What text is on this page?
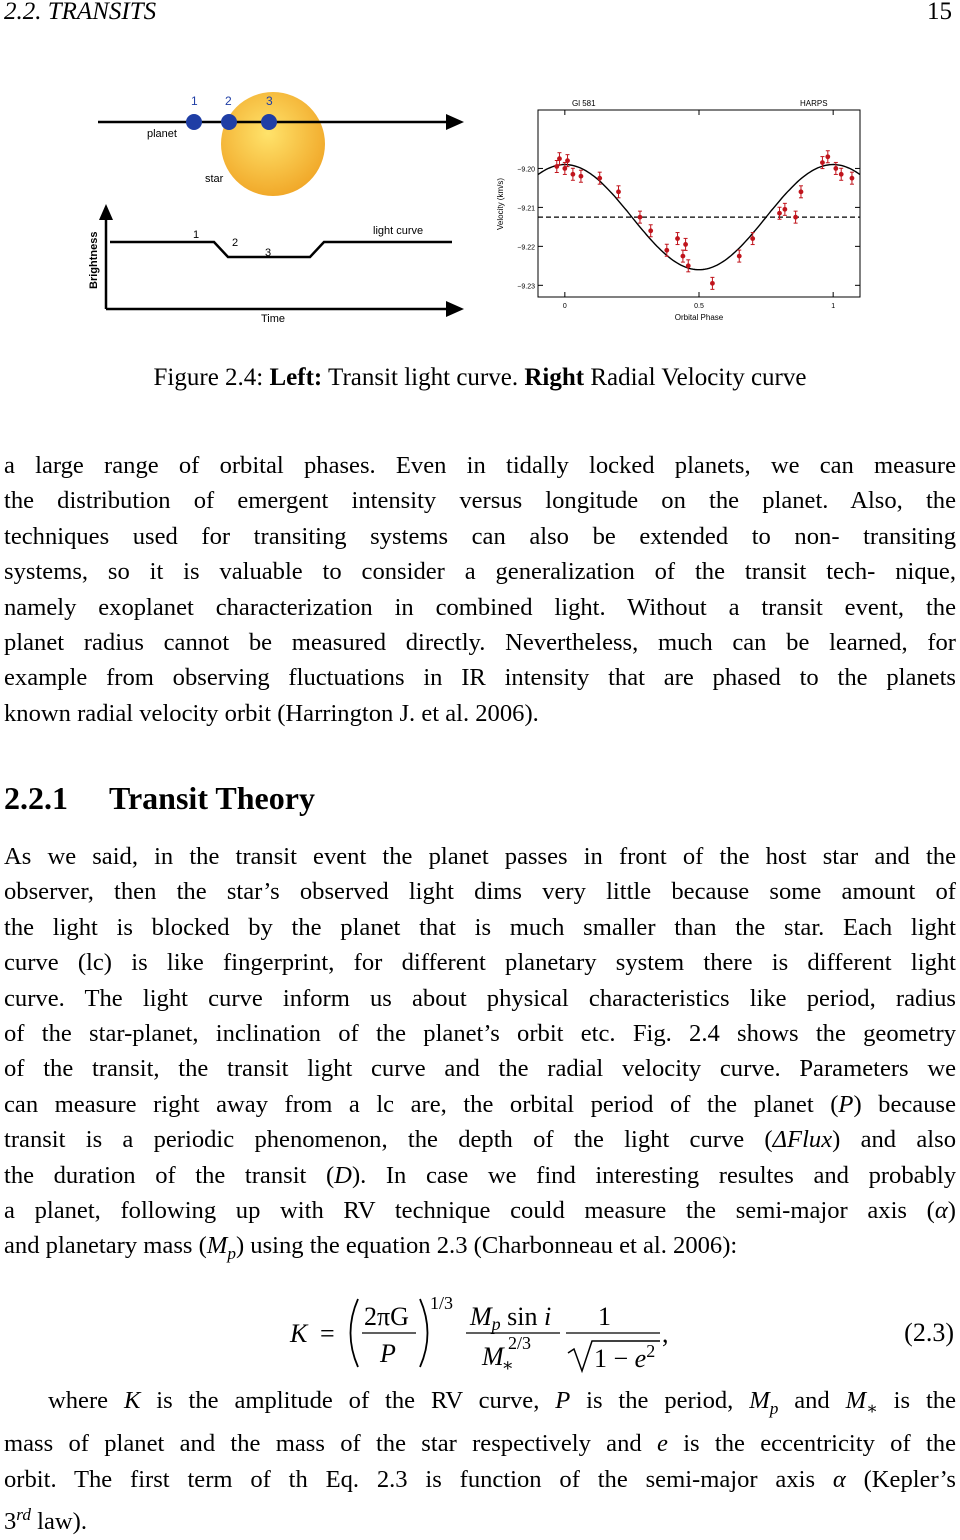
2.2. TRANSITS	15
1 2	3
planet
star
Brightness
Time
light curve
1
2
3
−9.20
−9.21
−9.22
−9.23
0	0.5	1
Gl 581	HARPS
Orbital Phase
Velocity (km/s)
Figure 2.4: Left: Transit light curve. Right Radial Velocity curve
a large range of orbital phases. Even in tidally locked planets, we can measure
the distribution of emergent intensity versus longitude on the planet. Also, the
techniques used for transiting systems can also be extended to non- transiting
systems, so it is valuable to consider a generalization of the transit tech- nique,
namely exoplanet characterization in combined light. Without a transit event, the
planet radius cannot be measured directly. Nevertheless, much can be learned, for
example from observing fluctuations in IR intensity that are phased to the planets
known radial velocity orbit (Harrington J. et al. 2006).
2.2.1 Transit Theory
As we said, in the transit event the planet passes in front of the host star and the
observer, then the star’s observed light dims very little because some amount of
the light is blocked by the planet that is much smaller than the star. Each light
curve (lc) is like fingerprint, for different planetary system there is different light
curve. The light curve inform us about physical characteristics like period, radius
of the star-planet, inclination of the planet’s orbit etc. Fig. 2.4 shows the geometry
of the transit, the transit light curve and the radial velocity curve. Parameters we
can measure right away from a lc are, the orbital period of the planet (P) because
transit is a periodic phenomenon, the depth of the light curve (ΔFlux) and also
the duration of the transit (D). In case we find interesting resultes and probably
a planet, following up with RV technique could measure the semi-major axis (α)
and planetary mass $(M_p)$ using the equation 2.3 (Charbonneau et al. 2006):
K =
2πG
P
1/3 Mp sin i
M∗
2/3
1
$1 - e^2$
,	(2.3)
where K is the amplitude of the RV curve, P is the period, $M_p$ and $M_∗$ is the
mass of planet and the mass of the star respectively and e is the eccentricity of the
orbit. The first term of th Eq. 2.3 is function of the semi-major axis α (Kepler’s
3rd law).
